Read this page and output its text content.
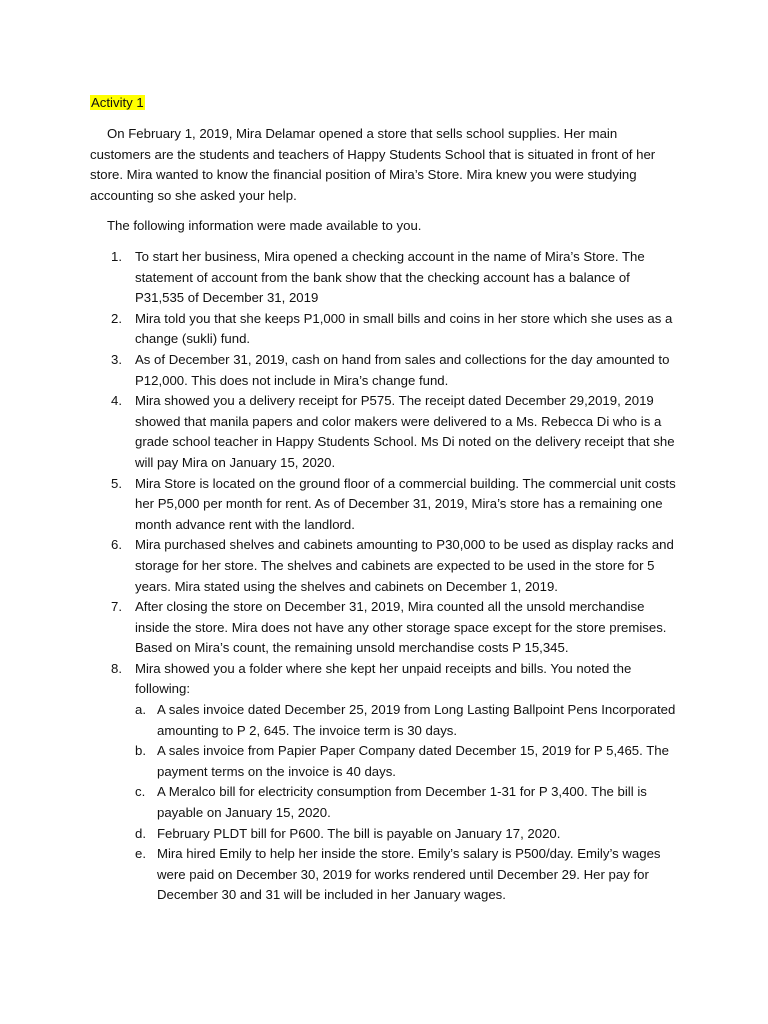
Activity 1

On February 1, 2019, Mira Delamar opened a store that sells school supplies. Her main customers are the students and teachers of Happy Students School that is situated in front of her store. Mira wanted to know the financial position of Mira’s Store. Mira knew you were studying accounting so she asked your help.

The following information were made available to you.

1. To start her business, Mira opened a checking account in the name of Mira’s Store. The statement of account from the bank show that the checking account has a balance of P31,535 of December 31, 2019
2. Mira told you that she keeps P1,000 in small bills and coins in her store which she uses as a change (sukli) fund.
3. As of December 31, 2019, cash on hand from sales and collections for the day amounted to P12,000. This does not include in Mira’s change fund.
4. Mira showed you a delivery receipt for P575. The receipt dated December 29,2019, 2019 showed that manila papers and color makers were delivered to a Ms. Rebecca Di who is a grade school teacher in Happy Students School. Ms Di noted on the delivery receipt that she will pay Mira on January 15, 2020.
5. Mira Store is located on the ground floor of a commercial building. The commercial unit costs her P5,000 per month for rent. As of December 31, 2019, Mira’s store has a remaining one month advance rent with the landlord.
6. Mira purchased shelves and cabinets amounting to P30,000 to be used as display racks and storage for her store. The shelves and cabinets are expected to be used in the store for 5 years. Mira stated using the shelves and cabinets on December 1, 2019.
7. After closing the store on December 31, 2019, Mira counted all the unsold merchandise inside the store. Mira does not have any other storage space except for the store premises. Based on Mira’s count, the remaining unsold merchandise costs P 15,345.
8. Mira showed you a folder where she kept her unpaid receipts and bills. You noted the following:
a. A sales invoice dated December 25, 2019 from Long Lasting Ballpoint Pens Incorporated amounting to P 2, 645. The invoice term is 30 days.
b. A sales invoice from Papier Paper Company dated December 15, 2019 for P 5,465. The payment terms on the invoice is 40 days.
c. A Meralco bill for electricity consumption from December 1-31 for P 3,400. The bill is payable on January 15, 2020.
d. February PLDT bill for P600. The bill is payable on January 17, 2020.
e. Mira hired Emily to help her inside the store. Emily’s salary is P500/day. Emily’s wages were paid on December 30, 2019 for works rendered until December 29. Her pay for December 30 and 31 will be included in her January wages.
